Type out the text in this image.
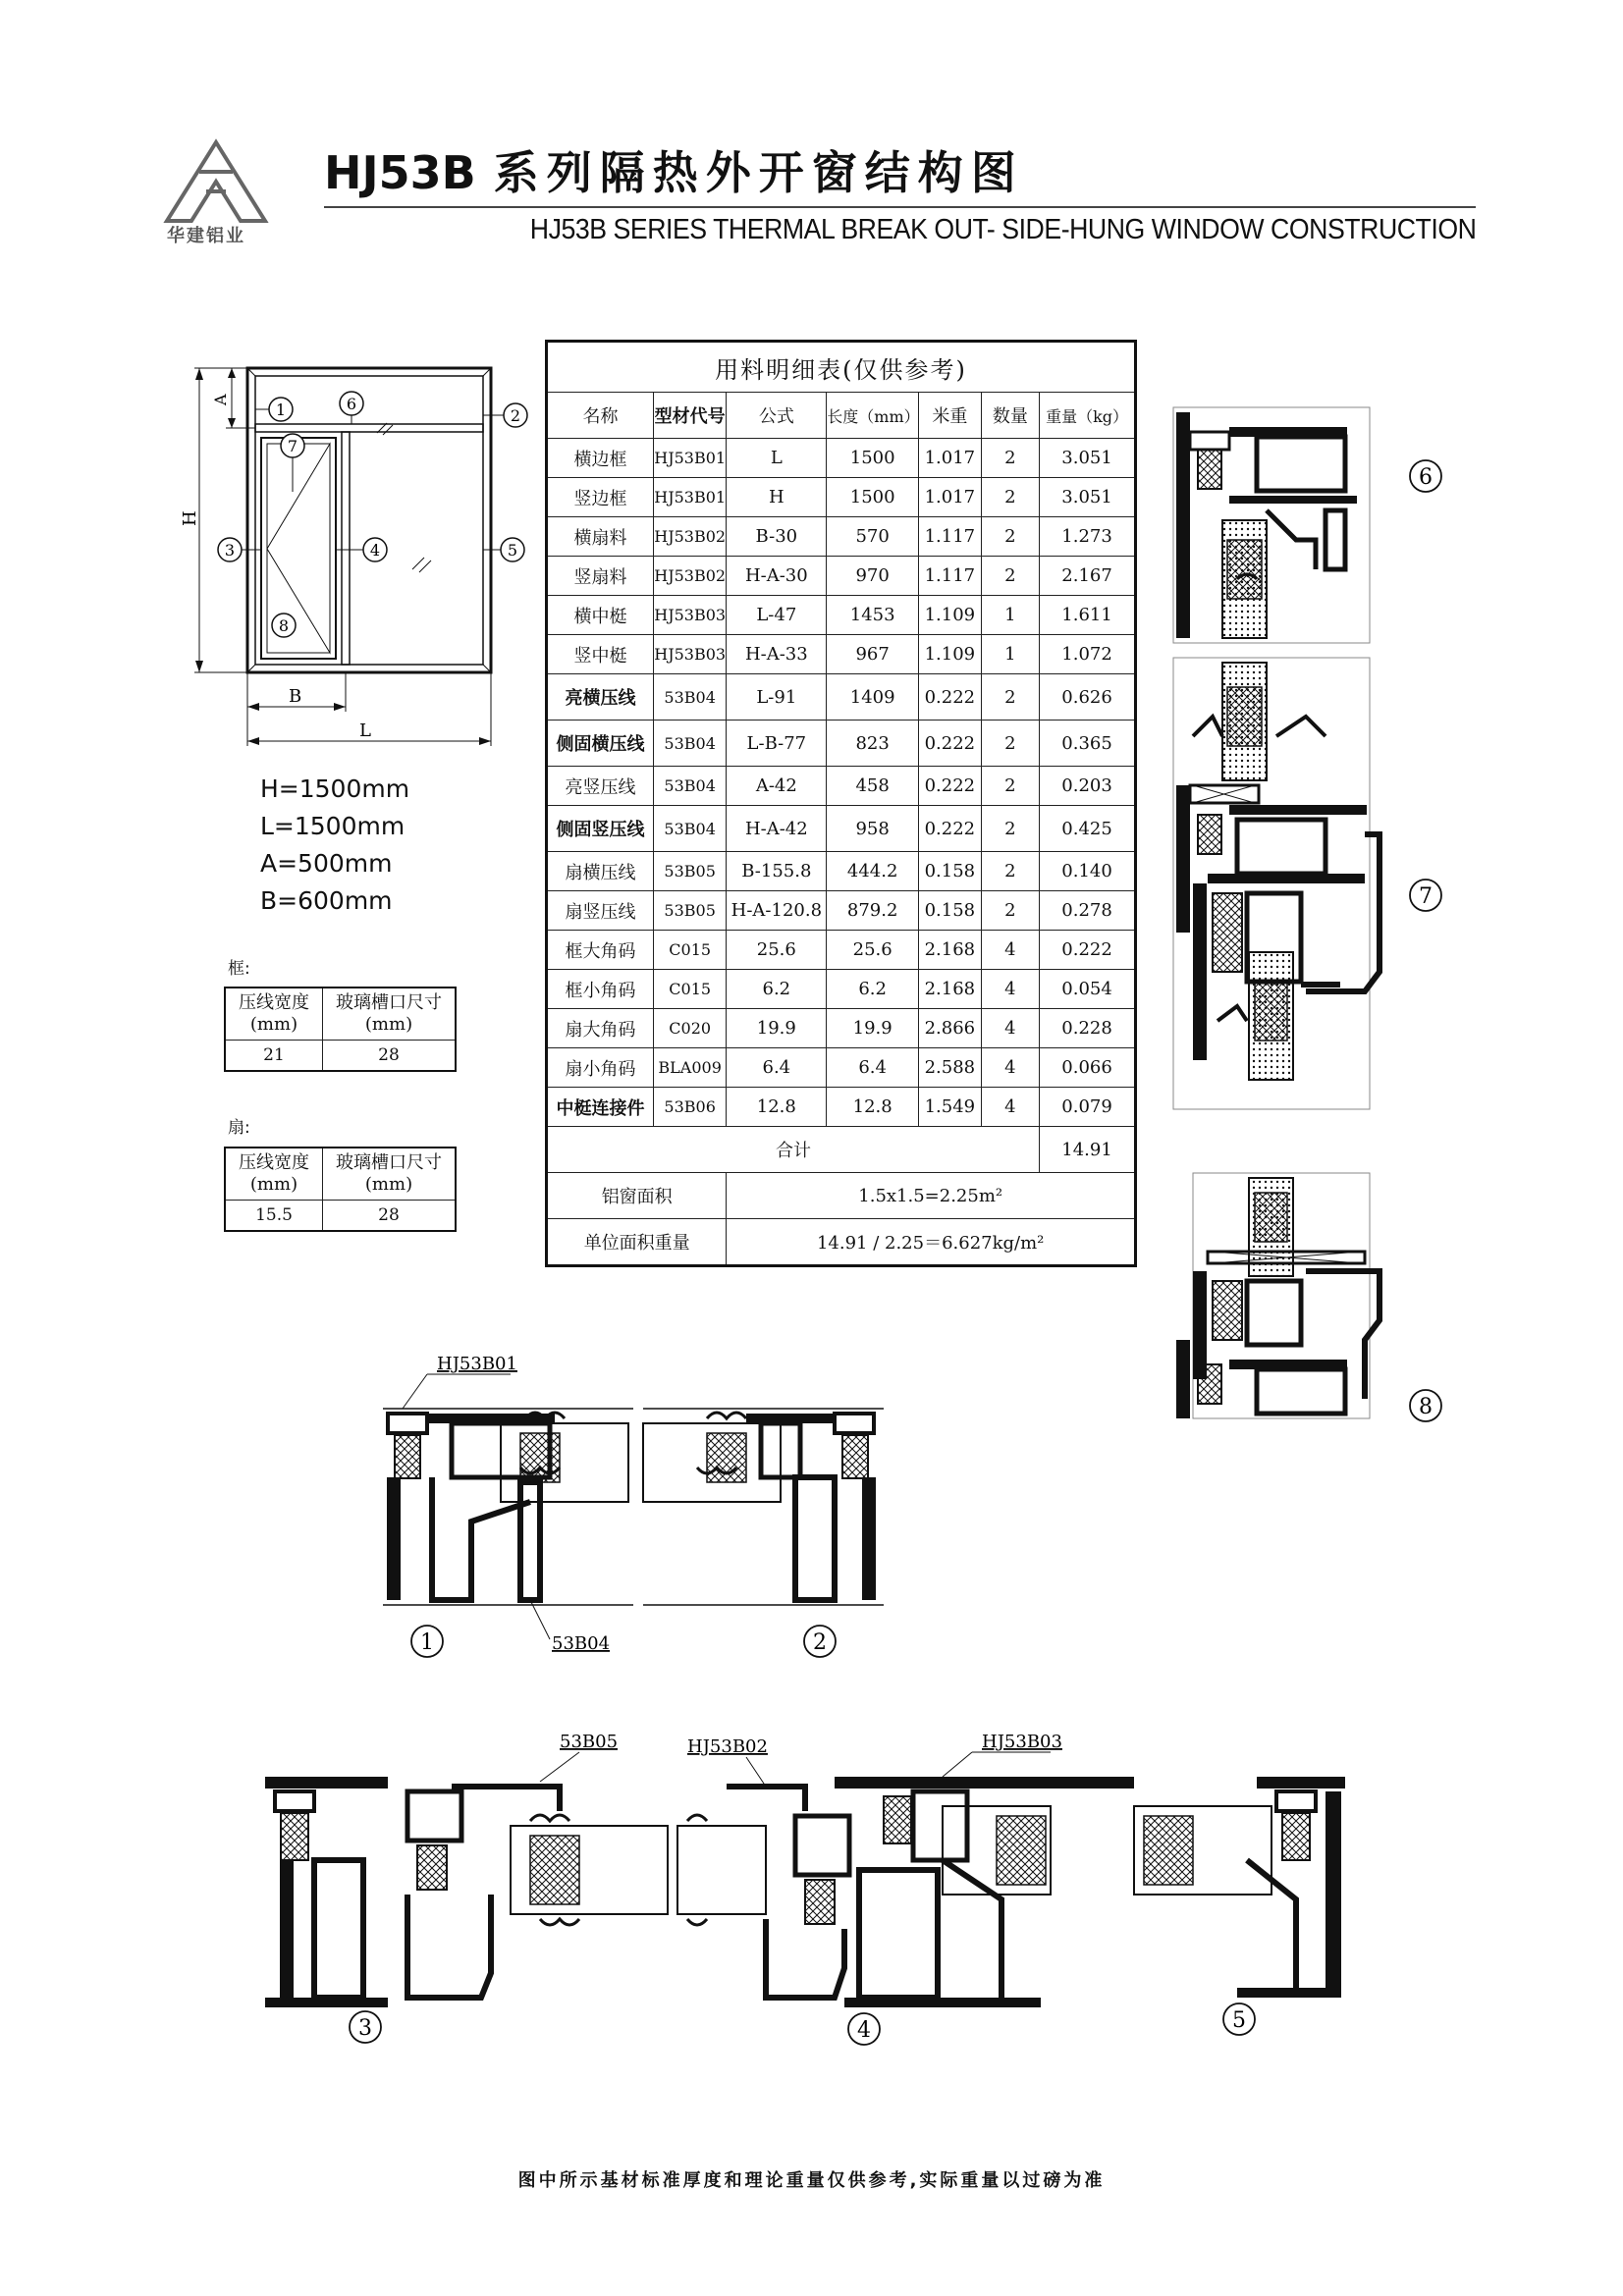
华建铝业
HJ53B 系列隔热外开窗结构图
HJ53B SERIES THERMAL BREAK OUT- SIDE-HUNG WINDOW CONSTRUCTION
H
A
B
L
1	2
3	4	5
6
7
8
H=1500mm
L=1500mm
A=500mm
B=600mm
框:
压线宽度(mm)	玻璃槽口尺寸(mm)
21	28
扇:
压线宽度(mm)	玻璃槽口尺寸(mm)
15.5	28
用料明细表(仅供参考)						
名称	型材代号	公式	长度（mm）	米重	数量	重量（kg）
横边框	HJ53B01	L	1500	1.017	2	3.051
竖边框	HJ53B01	H	1500	1.017	2	3.051
横扇料	HJ53B02	B-30	570	1.117	2	1.273
竖扇料	HJ53B02	H-A-30	970	1.117	2	2.167
横中梃	HJ53B03	L-47	1453	1.109	1	1.611
竖中梃	HJ53B03	H-A-33	967	1.109	1	1.072
亮横压线	53B04	L-91	1409	0.222	2	0.626
侧固横压线	53B04	L-B-77	823	0.222	2	0.365
亮竖压线	53B04	A-42	458	0.222	2	0.203
侧固竖压线	53B04	H-A-42	958	0.222	2	0.425
扇横压线	53B05	B-155.8	444.2	0.158	2	0.140
扇竖压线	53B05	H-A-120.8	879.2	0.158	2	0.278
框大角码	C015	25.6	25.6	2.168	4	0.222
框小角码	C015	6.2	6.2	2.168	4	0.054
扇大角码	C020	19.9	19.9	2.866	4	0.228
扇小角码	BLA009	6.4	6.4	2.588	4	0.066
中梃连接件	53B06	12.8	12.8	1.549	4	0.079
合计						14.91
铝窗面积		1.5x1.5=2.25m²				
单位面积重量		14.91 / 2.25＝6.627kg/m²				
6
7
8
HJ53B01
53B04
1	2
53B05	HJ53B02	HJ53B03
3	4	5
图中所示基材标准厚度和理论重量仅供参考,实际重量以过磅为准
